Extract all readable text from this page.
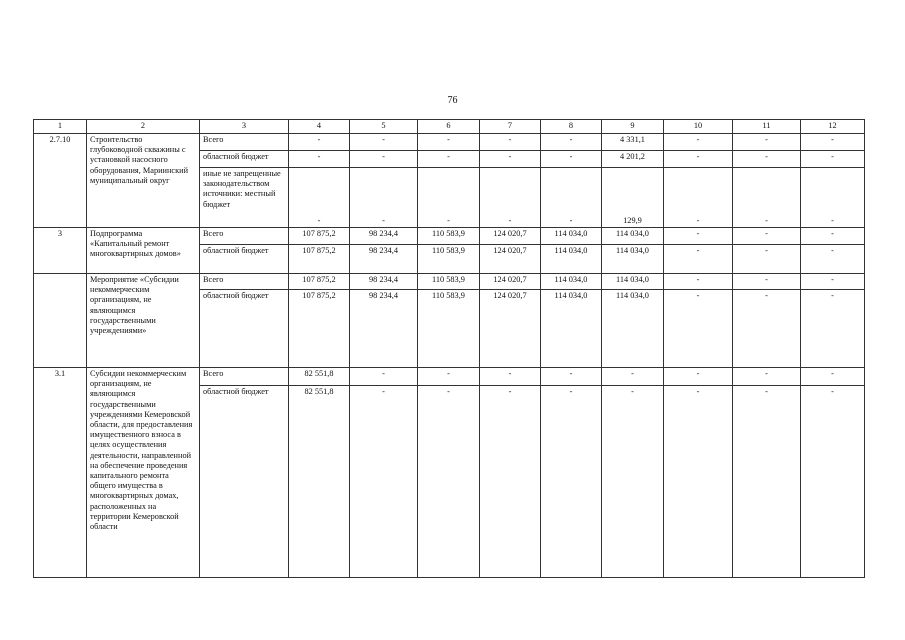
76
1	2	3	4	5	6	7	8	9	10	11	12
2.7.10	Строительство глубоководной скважины с установкой насосного оборудования, Мариинский муниципальный округ	Всего	-	-	-	-	-	4 331,1	-	-	-
		областной бюджет	-	-	-	-	-	4 201,2	-	-	-
		иные не запрещенные законодательством источники: местный бюджет	-	-	-	-	-	129,9	-	-	-
3	Подпрограмма «Капитальный ремонт многоквартирных домов»	Всего	107 875,2	98 234,4	110 583,9	124 020,7	114 034,0	114 034,0	-	-	-
		областной бюджет	107 875,2	98 234,4	110 583,9	124 020,7	114 034,0	114 034,0	-	-	-
	Мероприятие «Субсидии некоммерческим организациям, не являющимся государственными учреждениями»	Всего	107 875,2	98 234,4	110 583,9	124 020,7	114 034,0	114 034,0	-	-	-
		областной бюджет	107 875,2	98 234,4	110 583,9	124 020,7	114 034,0	114 034,0	-	-	-
3.1	Субсидии некоммерческим организациям, не являющимся государственными учреждениями Кемеровской области, для предоставления имущественного взноса в целях осуществления деятельности, направленной на обеспечение проведения капитального ремонта общего имущества в многоквартирных домах, расположенных на территории Кемеровской области	Всего	82 551,8	-	-	-	-	-	-	-	-
		областной бюджет	82 551,8	-	-	-	-	-	-	-	-
